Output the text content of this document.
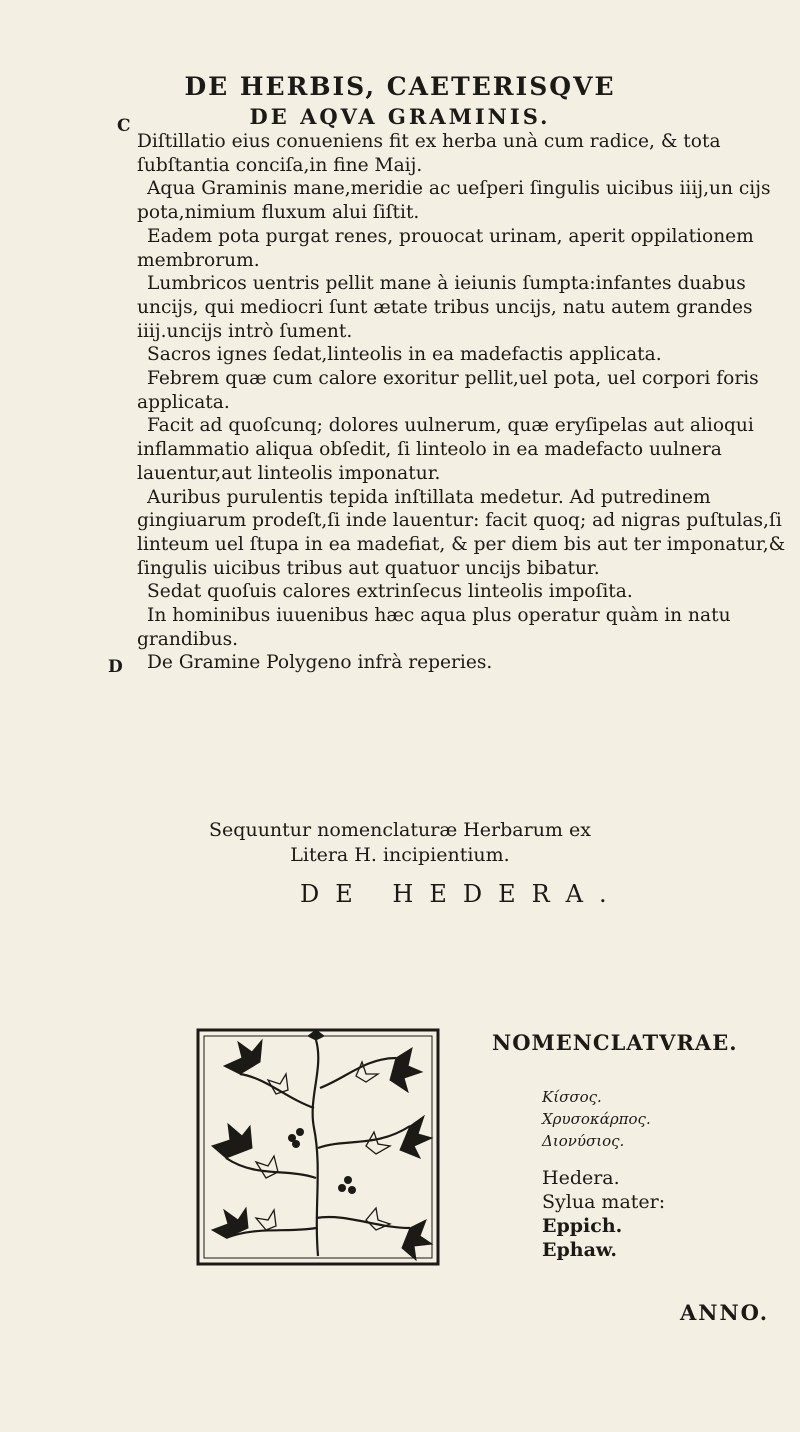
DE HERBIS, CAETERISQVE
DE AQVA GRAMINIS.
C
D

Diſtillatio eius conueniens fit ex herba unà cum radice, & tota ſubſtantia conciſa,in fine Maij.

Aqua Graminis mane,meridie ac ueſperi ſingulis uicibus iiij,un cijs pota,nimium fluxum alui ſiſtit.

Eadem pota purgat renes, prouocat urinam, aperit oppilationem membrorum.

Lumbricos uentris pellit mane à ieiunis ſumpta:infantes duabus uncijs, qui mediocri ſunt ætate tribus uncijs, natu autem grandes iiij.uncijs intrò ſument.

Sacros ignes ſedat,linteolis in ea madefactis applicata.

Febrem quæ cum calore exoritur pellit,uel pota, uel corpori foris applicata.

Facit ad quoſcunq; dolores uulnerum, quæ eryſipelas aut alioqui inflammatio aliqua obſedit, ſi linteolo in ea madefacto uulnera lauentur,aut linteolis imponatur.

Auribus purulentis tepida inſtillata medetur. Ad putredinem gingiuarum prodeſt,ſi inde lauentur: facit quoq; ad nigras puſtulas,ſi linteum uel ſtupa in ea madefiat, & per diem bis aut ter imponatur,& ſingulis uicibus tribus aut quatuor uncijs bibatur.

Sedat quoſuis calores extrinſecus linteolis impoſita.

In hominibus iuuenibus hæc aqua plus operatur quàm in natu grandibus.

De Gramine Polygeno infrà reperies.

Sequuntur nomenclaturæ Herbarum ex
Litera H. incipientium.
DE HEDERA.
NOMENCLATVRAE.
Κίσσος.
Χρυσοκάρπος.
Διονύσιος.
Hedera.
Sylua mater:
Eppich.
Ephaw.
ANNO.
